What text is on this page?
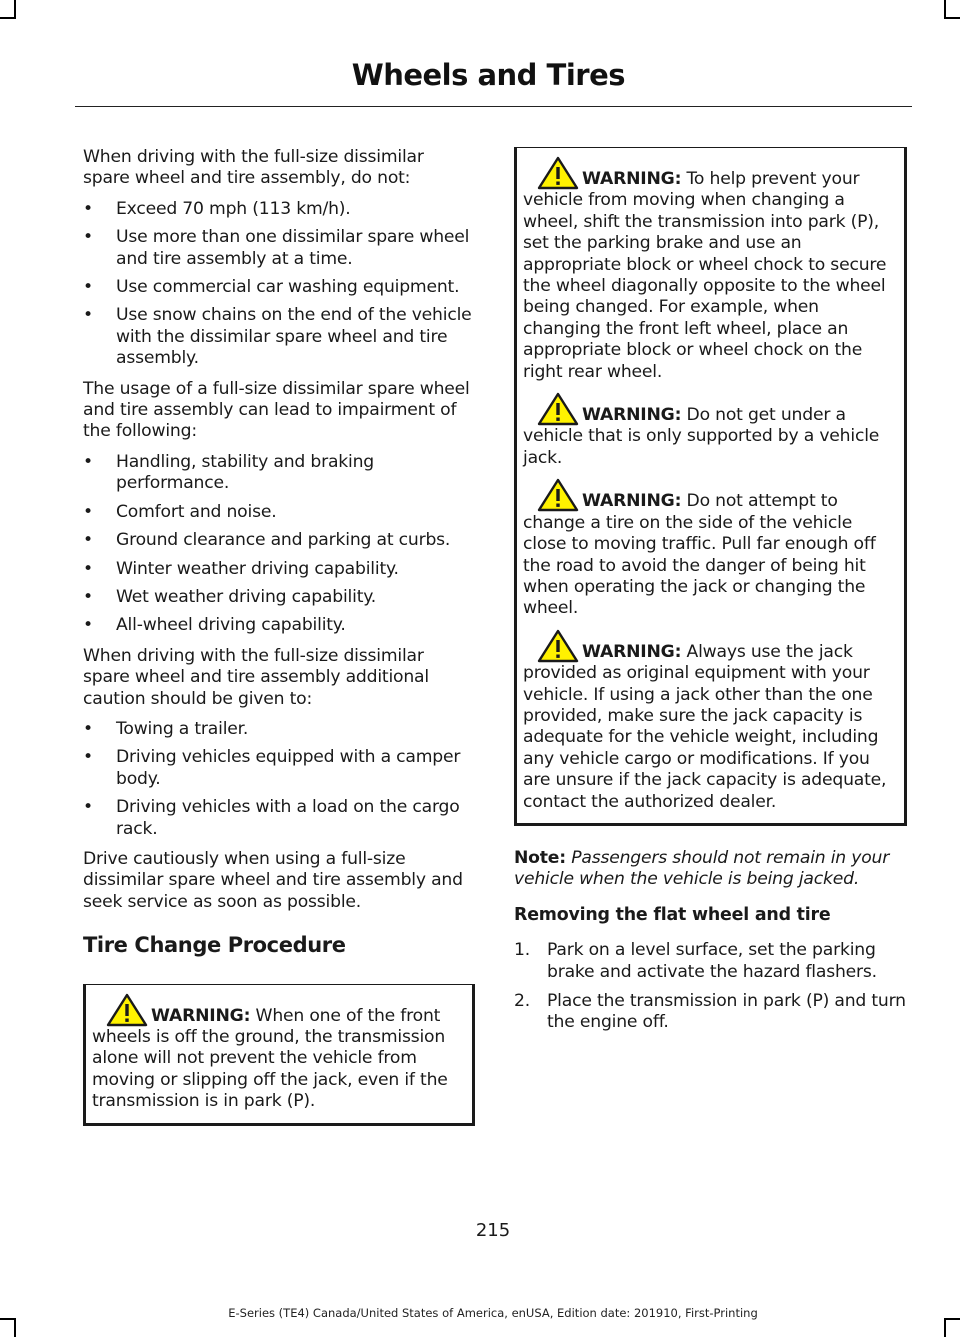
Wheels and Tires

When driving with the full-size dissimilar spare wheel and tire assembly, do not:

•	Exceed 70 mph (113 km/h).
•	Use more than one dissimilar spare wheel and tire assembly at a time.
•	Use commercial car washing equipment.
•	Use snow chains on the end of the vehicle with the dissimilar spare wheel and tire assembly.

The usage of a full-size dissimilar spare wheel and tire assembly can lead to impairment of the following:

•	Handling, stability and braking performance.
•	Comfort and noise.
•	Ground clearance and parking at curbs.
•	Winter weather driving capability.
•	Wet weather driving capability.
•	All-wheel driving capability.

When driving with the full-size dissimilar spare wheel and tire assembly additional caution should be given to:

•	Towing a trailer.
•	Driving vehicles equipped with a camper body.
•	Driving vehicles with a load on the cargo rack.

Drive cautiously when using a full-size dissimilar spare wheel and tire assembly and seek service as soon as possible.

Tire Change Procedure

WARNING: When one of the front wheels is off the ground, the transmission alone will not prevent the vehicle from moving or slipping off the jack, even if the transmission is in park (P).

WARNING: To help prevent your vehicle from moving when changing a wheel, shift the transmission into park (P), set the parking brake and use an appropriate block or wheel chock to secure the wheel diagonally opposite to the wheel being changed. For example, when changing the front left wheel, place an appropriate block or wheel chock on the right rear wheel.

WARNING: Do not get under a vehicle that is only supported by a vehicle jack.

WARNING: Do not attempt to change a tire on the side of the vehicle close to moving traffic. Pull far enough off the road to avoid the danger of being hit when operating the jack or changing the wheel.

WARNING: Always use the jack provided as original equipment with your vehicle. If using a jack other than the one provided, make sure the jack capacity is adequate for the vehicle weight, including any vehicle cargo or modifications. If you are unsure if the jack capacity is adequate, contact the authorized dealer.

Note: Passengers should not remain in your vehicle when the vehicle is being jacked.

Removing the flat wheel and tire
1. Park on a level surface, set the parking brake and activate the hazard flashers.
2. Place the transmission in park (P) and turn the engine off.
215
E-Series (TE4) Canada/United States of America, enUSA, Edition date: 201910, First-Printing
